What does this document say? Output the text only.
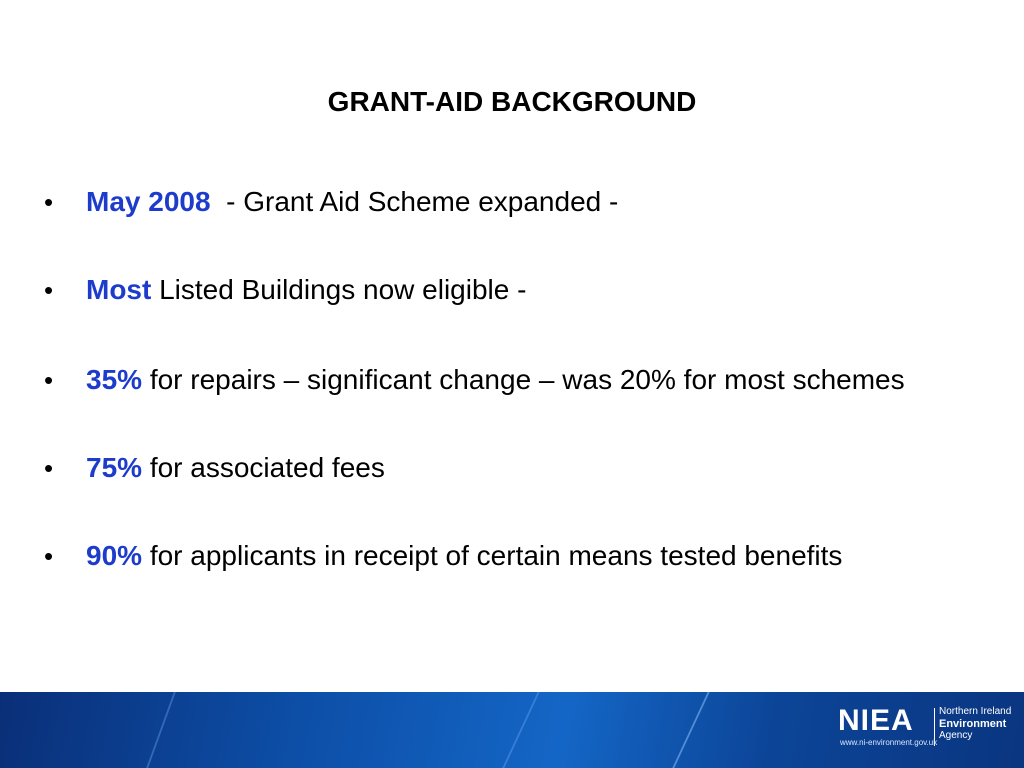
GRANT-AID BACKGROUND
• May 2008  - Grant Aid Scheme expanded -
• Most Listed Buildings now eligible -
• 35% for repairs – significant change – was 20% for most schemes
• 75% for associated fees
• 90% for applicants in receipt of certain means tested benefits
NIEA
www.ni-environment.gov.uk
Northern Ireland
Environment
Agency
